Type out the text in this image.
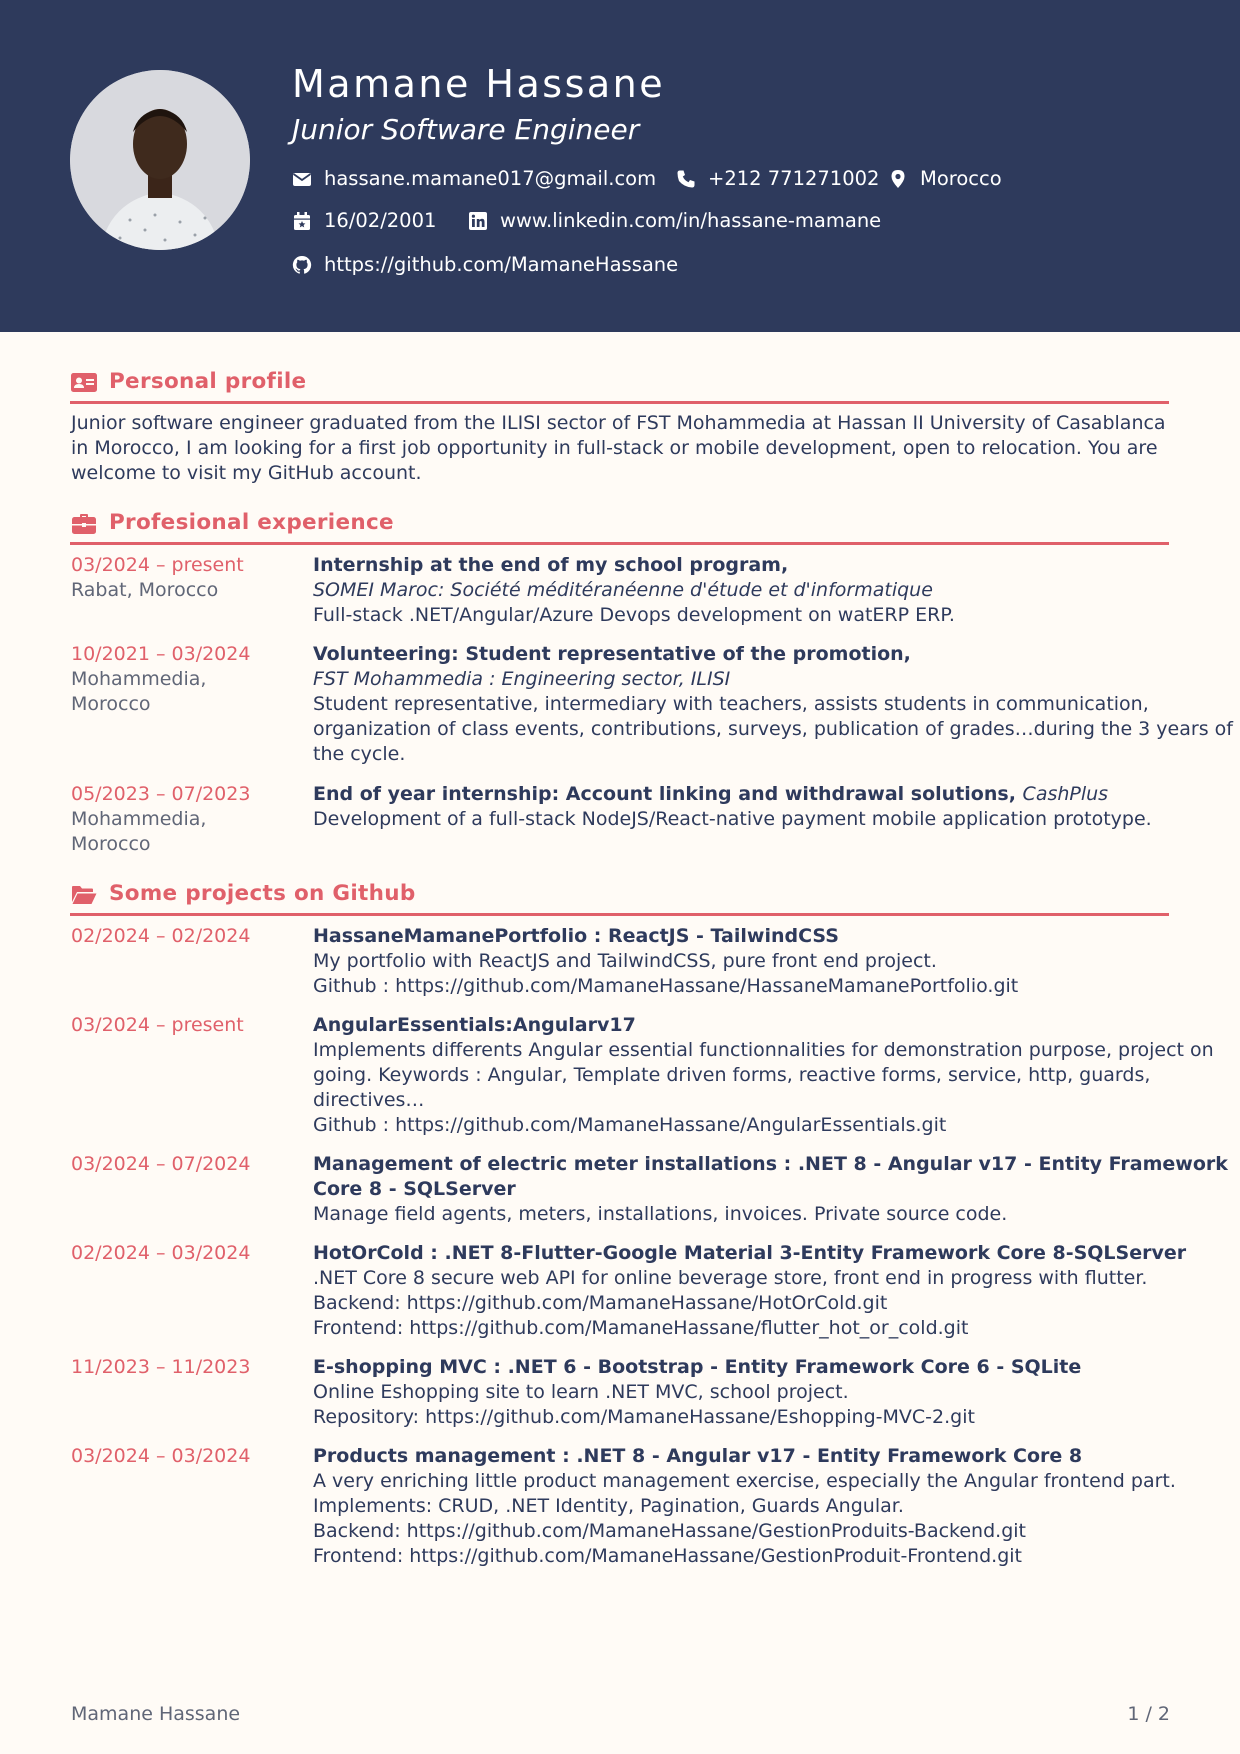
Mamane Hassane
Junior Software Engineer
hassane.mamane017@gmail.com	+212 771271002 Morocco
16/02/2001	www.linkedin.com/in/hassane-mamane
https://github.com/MamaneHassane
Personal profile

Junior software engineer graduated from the ILISI sector of FST Mohammedia at Hassan II University of Casablanca in Morocco, I am looking for a first job opportunity in full-stack or mobile development, open to relocation. You are welcome to visit my GitHub account.

Profesional experience
03/2024 – present
Rabat, Morocco
Internship at the end of my school program,
SOMEI Maroc: Société méditéranéenne d'étude et d'informatique
Full-stack .NET/Angular/Azure Devops development on watERP ERP.
10/2021 – 03/2024
Mohammedia, Morocco
Volunteering: Student representative of the promotion,
FST Mohammedia : Engineering sector, ILISI
Student representative, intermediary with teachers, assists students in communication, organization of class events, contributions, surveys, publication of grades…during the 3 years of the cycle.
05/2023 – 07/2023
Mohammedia, Morocco
End of year internship: Account linking and withdrawal solutions, CashPlus
Development of a full-stack NodeJS/React-native payment mobile application prototype.
Some projects on Github
02/2024 – 02/2024	HassaneMamanePortfolio : ReactJS - TailwindCSS
My portfolio with ReactJS and TailwindCSS, pure front end project.
Github : https://github.com/MamaneHassane/HassaneMamanePortfolio.git
03/2024 – present	AngularEssentials:Angularv17
Implements differents Angular essential functionnalities for demonstration purpose, project on going. Keywords : Angular, Template driven forms, reactive forms, service, http, guards, directives…
Github : https://github.com/MamaneHassane/AngularEssentials.git
03/2024 – 07/2024	Management of electric meter installations : .NET 8 - Angular v17 - Entity Framework Core 8 - SQLServer
Manage field agents, meters, installations, invoices. Private source code.
02/2024 – 03/2024	HotOrCold : .NET 8-Flutter-Google Material 3-Entity Framework Core 8-SQLServer
.NET Core 8 secure web API for online beverage store, front end in progress with flutter.
Backend: https://github.com/MamaneHassane/HotOrCold.git
Frontend: https://github.com/MamaneHassane/flutter_hot_or_cold.git
11/2023 – 11/2023	E-shopping MVC : .NET 6 - Bootstrap - Entity Framework Core 6 - SQLite
Online Eshopping site to learn .NET MVC, school project.
Repository: https://github.com/MamaneHassane/Eshopping-MVC-2.git
03/2024 – 03/2024	Products management : .NET 8 - Angular v17 - Entity Framework Core 8
A very enriching little product management exercise, especially the Angular frontend part. Implements: CRUD, .NET Identity, Pagination, Guards Angular.
Backend: https://github.com/MamaneHassane/GestionProduits-Backend.git
Frontend: https://github.com/MamaneHassane/GestionProduit-Frontend.git
Mamane Hassane	1 / 2
